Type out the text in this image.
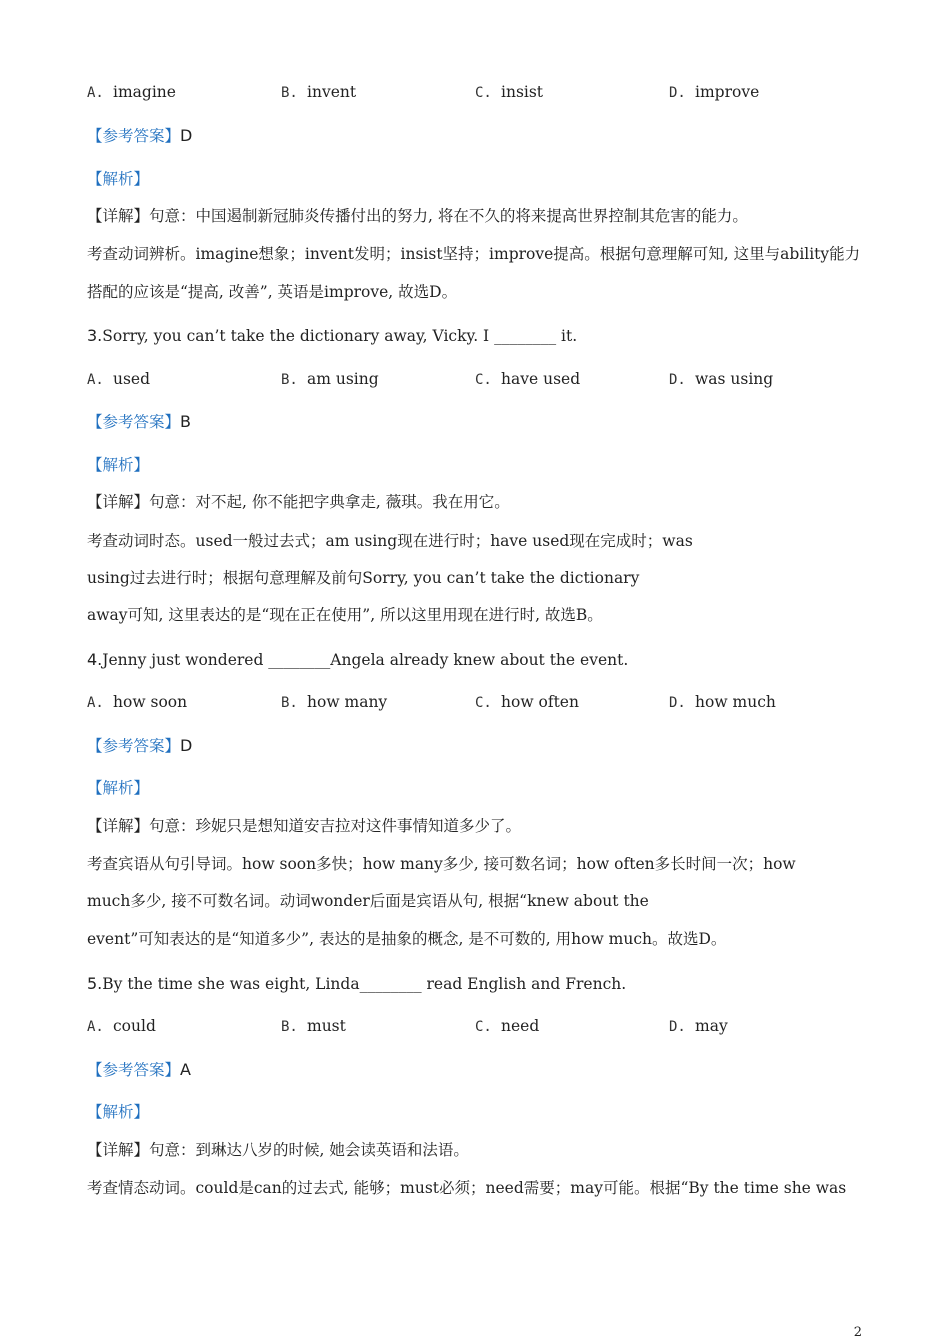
A. imagine	B. invent	C. insist	D. improve
【参考答案】D
【解析】
【详解】句意：中国遏制新冠肺炎传播付出的努力, 将在不久的将来提高世界控制其危害的能力。
考查动词辨析。imagine想象；invent发明；insist坚持；improve提高。根据句意理解可知, 这里与ability能力
搭配的应该是“提高, 改善”, 英语是improve, 故选D。
3.Sorry, you can’t take the dictionary away, Vicky. I ________ it.
A. used	B. am using	C. have used	D. was using
【参考答案】B
【解析】
【详解】句意：对不起, 你不能把字典拿走, 薇琪。我在用它。
考查动词时态。used一般过去式；am using现在进行时；have used现在完成时；was
using过去进行时；根据句意理解及前句Sorry, you can’t take the dictionary
away可知, 这里表达的是“现在正在使用”, 所以这里用现在进行时, 故选B。
4.Jenny just wondered ________Angela already knew about the event.
A. how soon	B. how many	C. how often	D. how much
【参考答案】D
【解析】
【详解】句意：珍妮只是想知道安吉拉对这件事情知道多少了。
考查宾语从句引导词。how soon多快；how many多少, 接可数名词；how often多长时间一次；how
much多少, 接不可数名词。动词wonder后面是宾语从句, 根据“knew about the
event”可知表达的是“知道多少”, 表达的是抽象的概念, 是不可数的, 用how much。故选D。
5.By the time she was eight, Linda________ read English and French.
A. could	B. must	C. need	D. may
【参考答案】A
【解析】
【详解】句意：到琳达八岁的时候, 她会读英语和法语。
考查情态动词。could是can的过去式, 能够；must必须；need需要；may可能。根据“By the time she was
2
